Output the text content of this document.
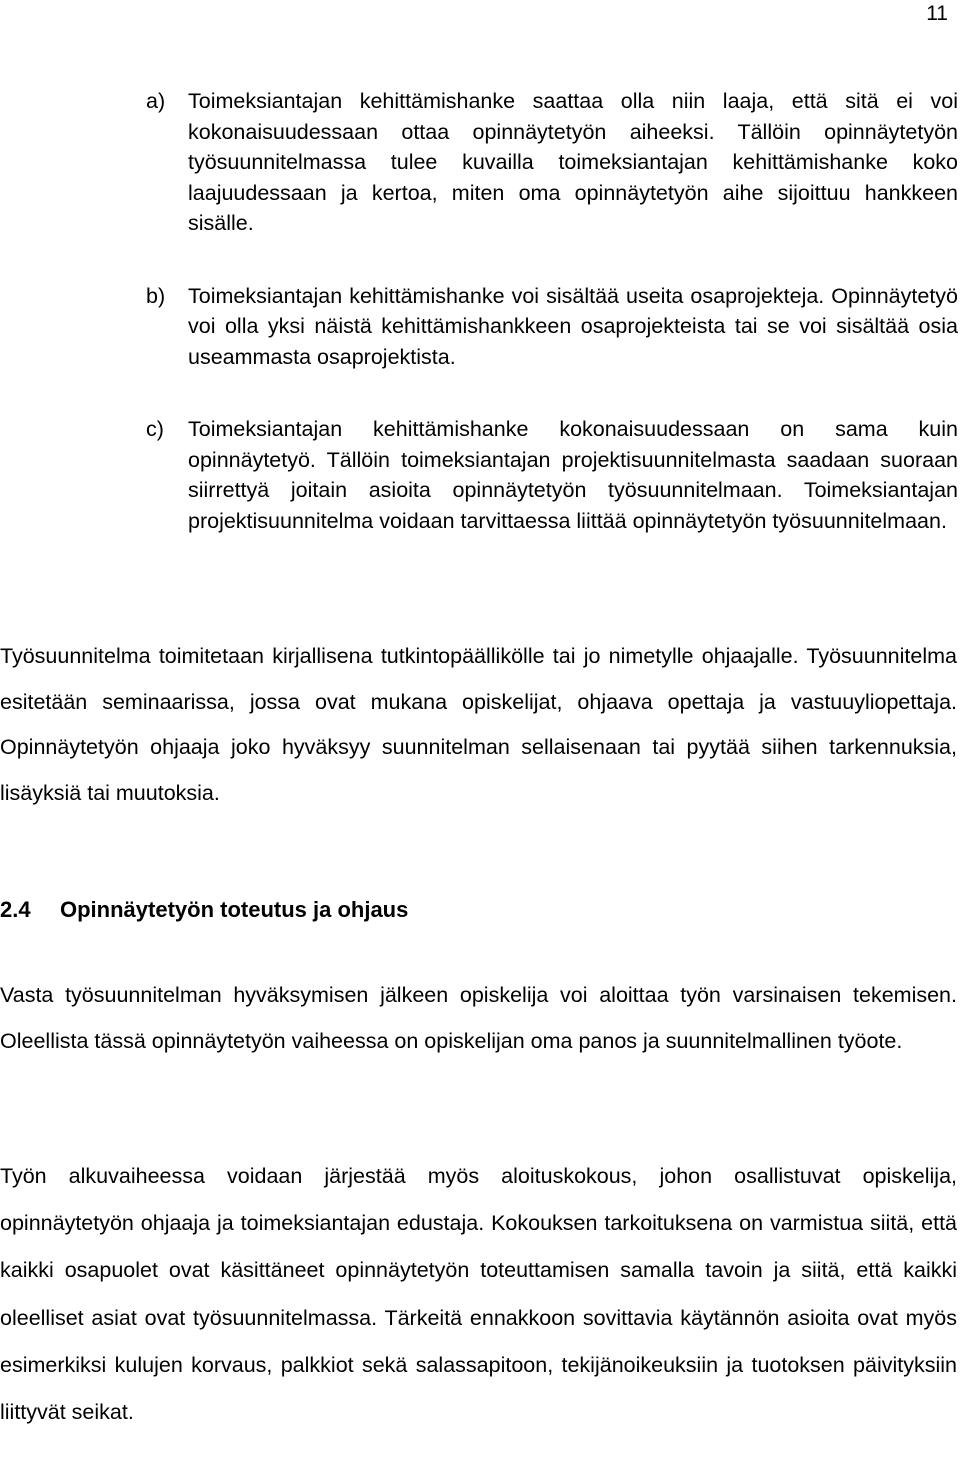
11

a) Toimeksiantajan kehittämishanke saattaa olla niin laaja, että sitä ei voi kokonaisuudessaan ottaa opinnäytetyön aiheeksi. Tällöin opinnäytetyön työsuunnitelmassa tulee kuvailla toimeksiantajan kehittämishanke koko laajuudessaan ja kertoa, miten oma opinnäytetyön aihe sijoittuu hankkeen sisälle.

b) Toimeksiantajan kehittämishanke voi sisältää useita osaprojekteja. Opinnäytetyö voi olla yksi näistä kehittämishankkeen osaprojekteista tai se voi sisältää osia useammasta osaprojektista.

c) Toimeksiantajan kehittämishanke kokonaisuudessaan on sama kuin opinnäytetyö. Tällöin toimeksiantajan projektisuunnitelmasta saadaan suoraan siirrettyä joitain asioita opinnäytetyön työsuunnitelmaan. Toimeksiantajan projektisuunnitelma voidaan tarvittaessa liittää opinnäytetyön työsuunnitelmaan.

Työsuunnitelma toimitetaan kirjallisena tutkintopäällikölle tai jo nimetylle ohjaajalle. Työsuunnitelma esitetään seminaarissa, jossa ovat mukana opiskelijat, ohjaava opettaja ja vastuuyliopettaja. Opinnäytetyön ohjaaja joko hyväksyy suunnitelman sellaisenaan tai pyytää siihen tarkennuksia, lisäyksiä tai muutoksia.

2.4 Opinnäytetyön toteutus ja ohjaus

Vasta työsuunnitelman hyväksymisen jälkeen opiskelija voi aloittaa työn varsinaisen tekemisen. Oleellista tässä opinnäytetyön vaiheessa on opiskelijan oma panos ja suunnitelmallinen työote.

Työn alkuvaiheessa voidaan järjestää myös aloituskokous, johon osallistuvat opiskelija, opinnäytetyön ohjaaja ja toimeksiantajan edustaja. Kokouksen tarkoituksena on varmistua siitä, että kaikki osapuolet ovat käsittäneet opinnäytetyön toteuttamisen samalla tavoin ja siitä, että kaikki oleelliset asiat ovat työsuunnitelmassa. Tärkeitä ennakkoon sovittavia käytännön asioita ovat myös esimerkiksi kulujen korvaus, palkkiot sekä salassapitoon, tekijänoikeuksiin ja tuotoksen päivityksiin liittyvät seikat.
